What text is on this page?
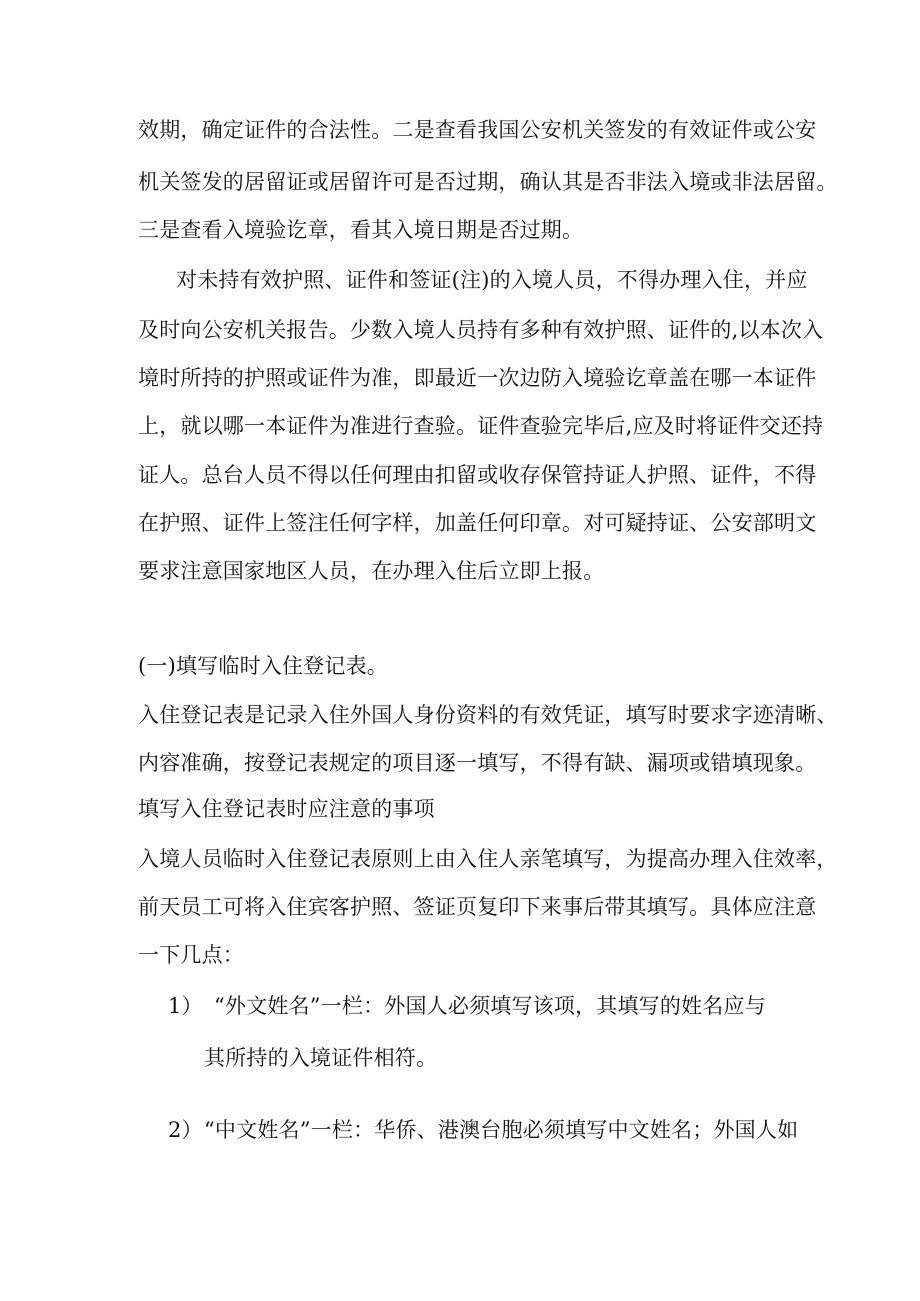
效期，确定证件的合法性。二是查看我国公安机关签发的有效证件或公安
机关签发的居留证或居留许可是否过期，确认其是否非法入境或非法居留。
三是查看入境验讫章，看其入境日期是否过期。
对未持有效护照、证件和签证(注)的入境人员，不得办理入住，并应
及时向公安机关报告。少数入境人员持有多种有效护照、证件的,以本次入
境时所持的护照或证件为准，即最近一次边防入境验讫章盖在哪一本证件
上，就以哪一本证件为准进行查验。证件查验完毕后,应及时将证件交还持
证人。总台人员不得以任何理由扣留或收存保管持证人护照、证件，不得
在护照、证件上签注任何字样，加盖任何印章。对可疑持证、公安部明文
要求注意国家地区人员，在办理入住后立即上报。
(一)填写临时入住登记表。
入住登记表是记录入住外国人身份资料的有效凭证，填写时要求字迹清晰、
内容准确，按登记表规定的项目逐一填写，不得有缺、漏项或错填现象。
填写入住登记表时应注意的事项
入境人员临时入住登记表原则上由入住人亲笔填写，为提高办理入住效率，
前天员工可将入住宾客护照、签证页复印下来事后带其填写。具体应注意
一下几点：
1） “外文姓名”一栏：外国人必须填写该项，其填写的姓名应与
其所持的入境证件相符。
2） “中文姓名”一栏：华侨、港澳台胞必须填写中文姓名；外国人如
